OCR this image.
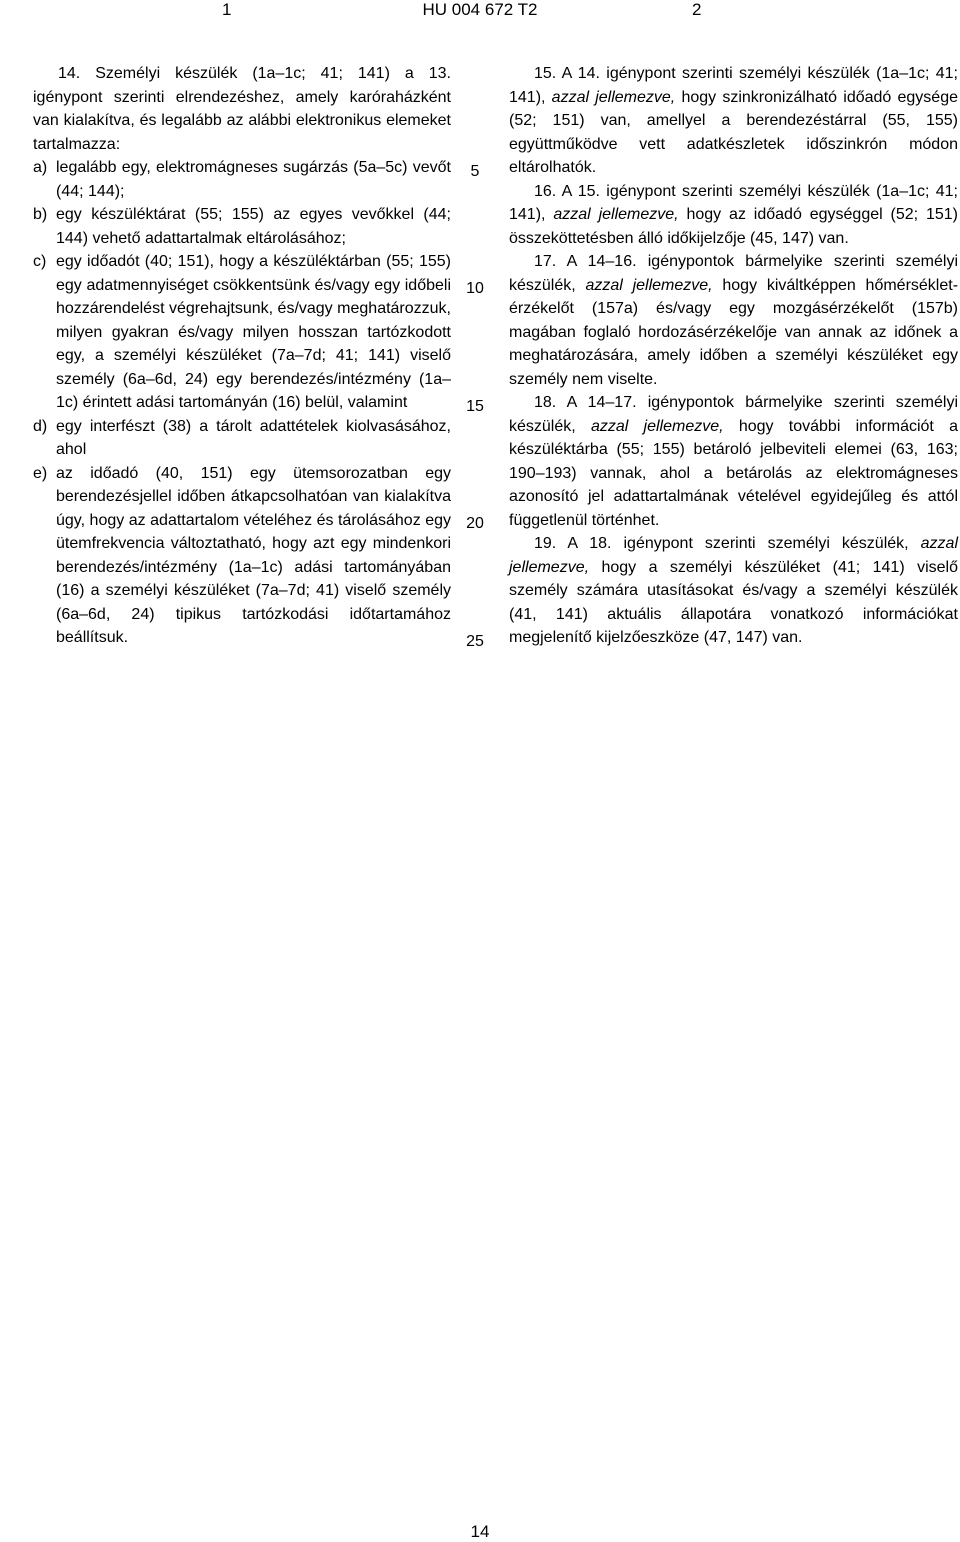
1	HU 004 672 T2	2

14. Személyi készülék (1a–1c; 41; 141) a 13. igénypont szerinti elrendezéshez, amely karóraházként van kialakítva, és legalább az alábbi elektronikus elemeket tartalmazza:

a) legalább egy, elektromágneses sugárzás (5a–5c) vevőt (44; 144);
b) egy készüléktárat (55; 155) az egyes vevőkkel (44; 144) vehető adattartalmak eltárolásához;
c) egy időadót (40; 151), hogy a készüléktárban (55; 155) egy adatmennyiséget csökkentsünk és/vagy egy időbeli hozzárendelést végrehajtsunk, és/vagy meghatározzuk, milyen gyakran és/vagy milyen hosszan tartózkodott egy, a személyi készüléket (7a–7d; 41; 141) viselő személy (6a–6d, 24) egy berendezés/intézmény (1a–1c) érintett adási tartományán (16) belül, valamint
d) egy interfészt (38) a tárolt adattételek kiolvasásához, ahol
e) az időadó (40, 151) egy ütemsorozatban egy berendezésjellel időben átkapcsolhatóan van kialakítva úgy, hogy az adattartalom vételéhez és tárolásához egy ütemfrekvencia változtatható, hogy azt egy mindenkori berendezés/intézmény (1a–1c) adási tartományában (16) a személyi készüléket (7a–7d; 41) viselő személy (6a–6d, 24) tipikus tartózkodási időtartamához beállítsuk.
5
10
15
20
25

15. A 14. igénypont szerinti személyi készülék (1a–1c; 41; 141), azzal jellemezve, hogy szinkronizálható időadó egysége (52; 151) van, amellyel a berendezéstárral (55, 155) együttműködve vett adatkészletek időszinkrón módon eltárolhatók.

16. A 15. igénypont szerinti személyi készülék (1a–1c; 41; 141), azzal jellemezve, hogy az időadó egységgel (52; 151) összeköttetésben álló időkijelzője (45, 147) van.

17. A 14–16. igénypontok bármelyike szerinti személyi készülék, azzal jellemezve, hogy kiváltképpen hőmérséklet-érzékelőt (157a) és/vagy egy mozgásérzékelőt (157b) magában foglaló hordozásérzékelője van annak az időnek a meghatározására, amely időben a személyi készüléket egy személy nem viselte.

18. A 14–17. igénypontok bármelyike szerinti személyi készülék, azzal jellemezve, hogy további információt a készüléktárba (55; 155) betároló jelbeviteli elemei (63, 163; 190–193) vannak, ahol a betárolás az elektromágneses azonosító jel adattartalmának vételével egyidejűleg és attól függetlenül történhet.

19. A 18. igénypont szerinti személyi készülék, azzal jellemezve, hogy a személyi készüléket (41; 141) viselő személy számára utasításokat és/vagy a személyi készülék (41, 141) aktuális állapotára vonatkozó információkat megjelenítő kijelzőeszköze (47, 147) van.

14
